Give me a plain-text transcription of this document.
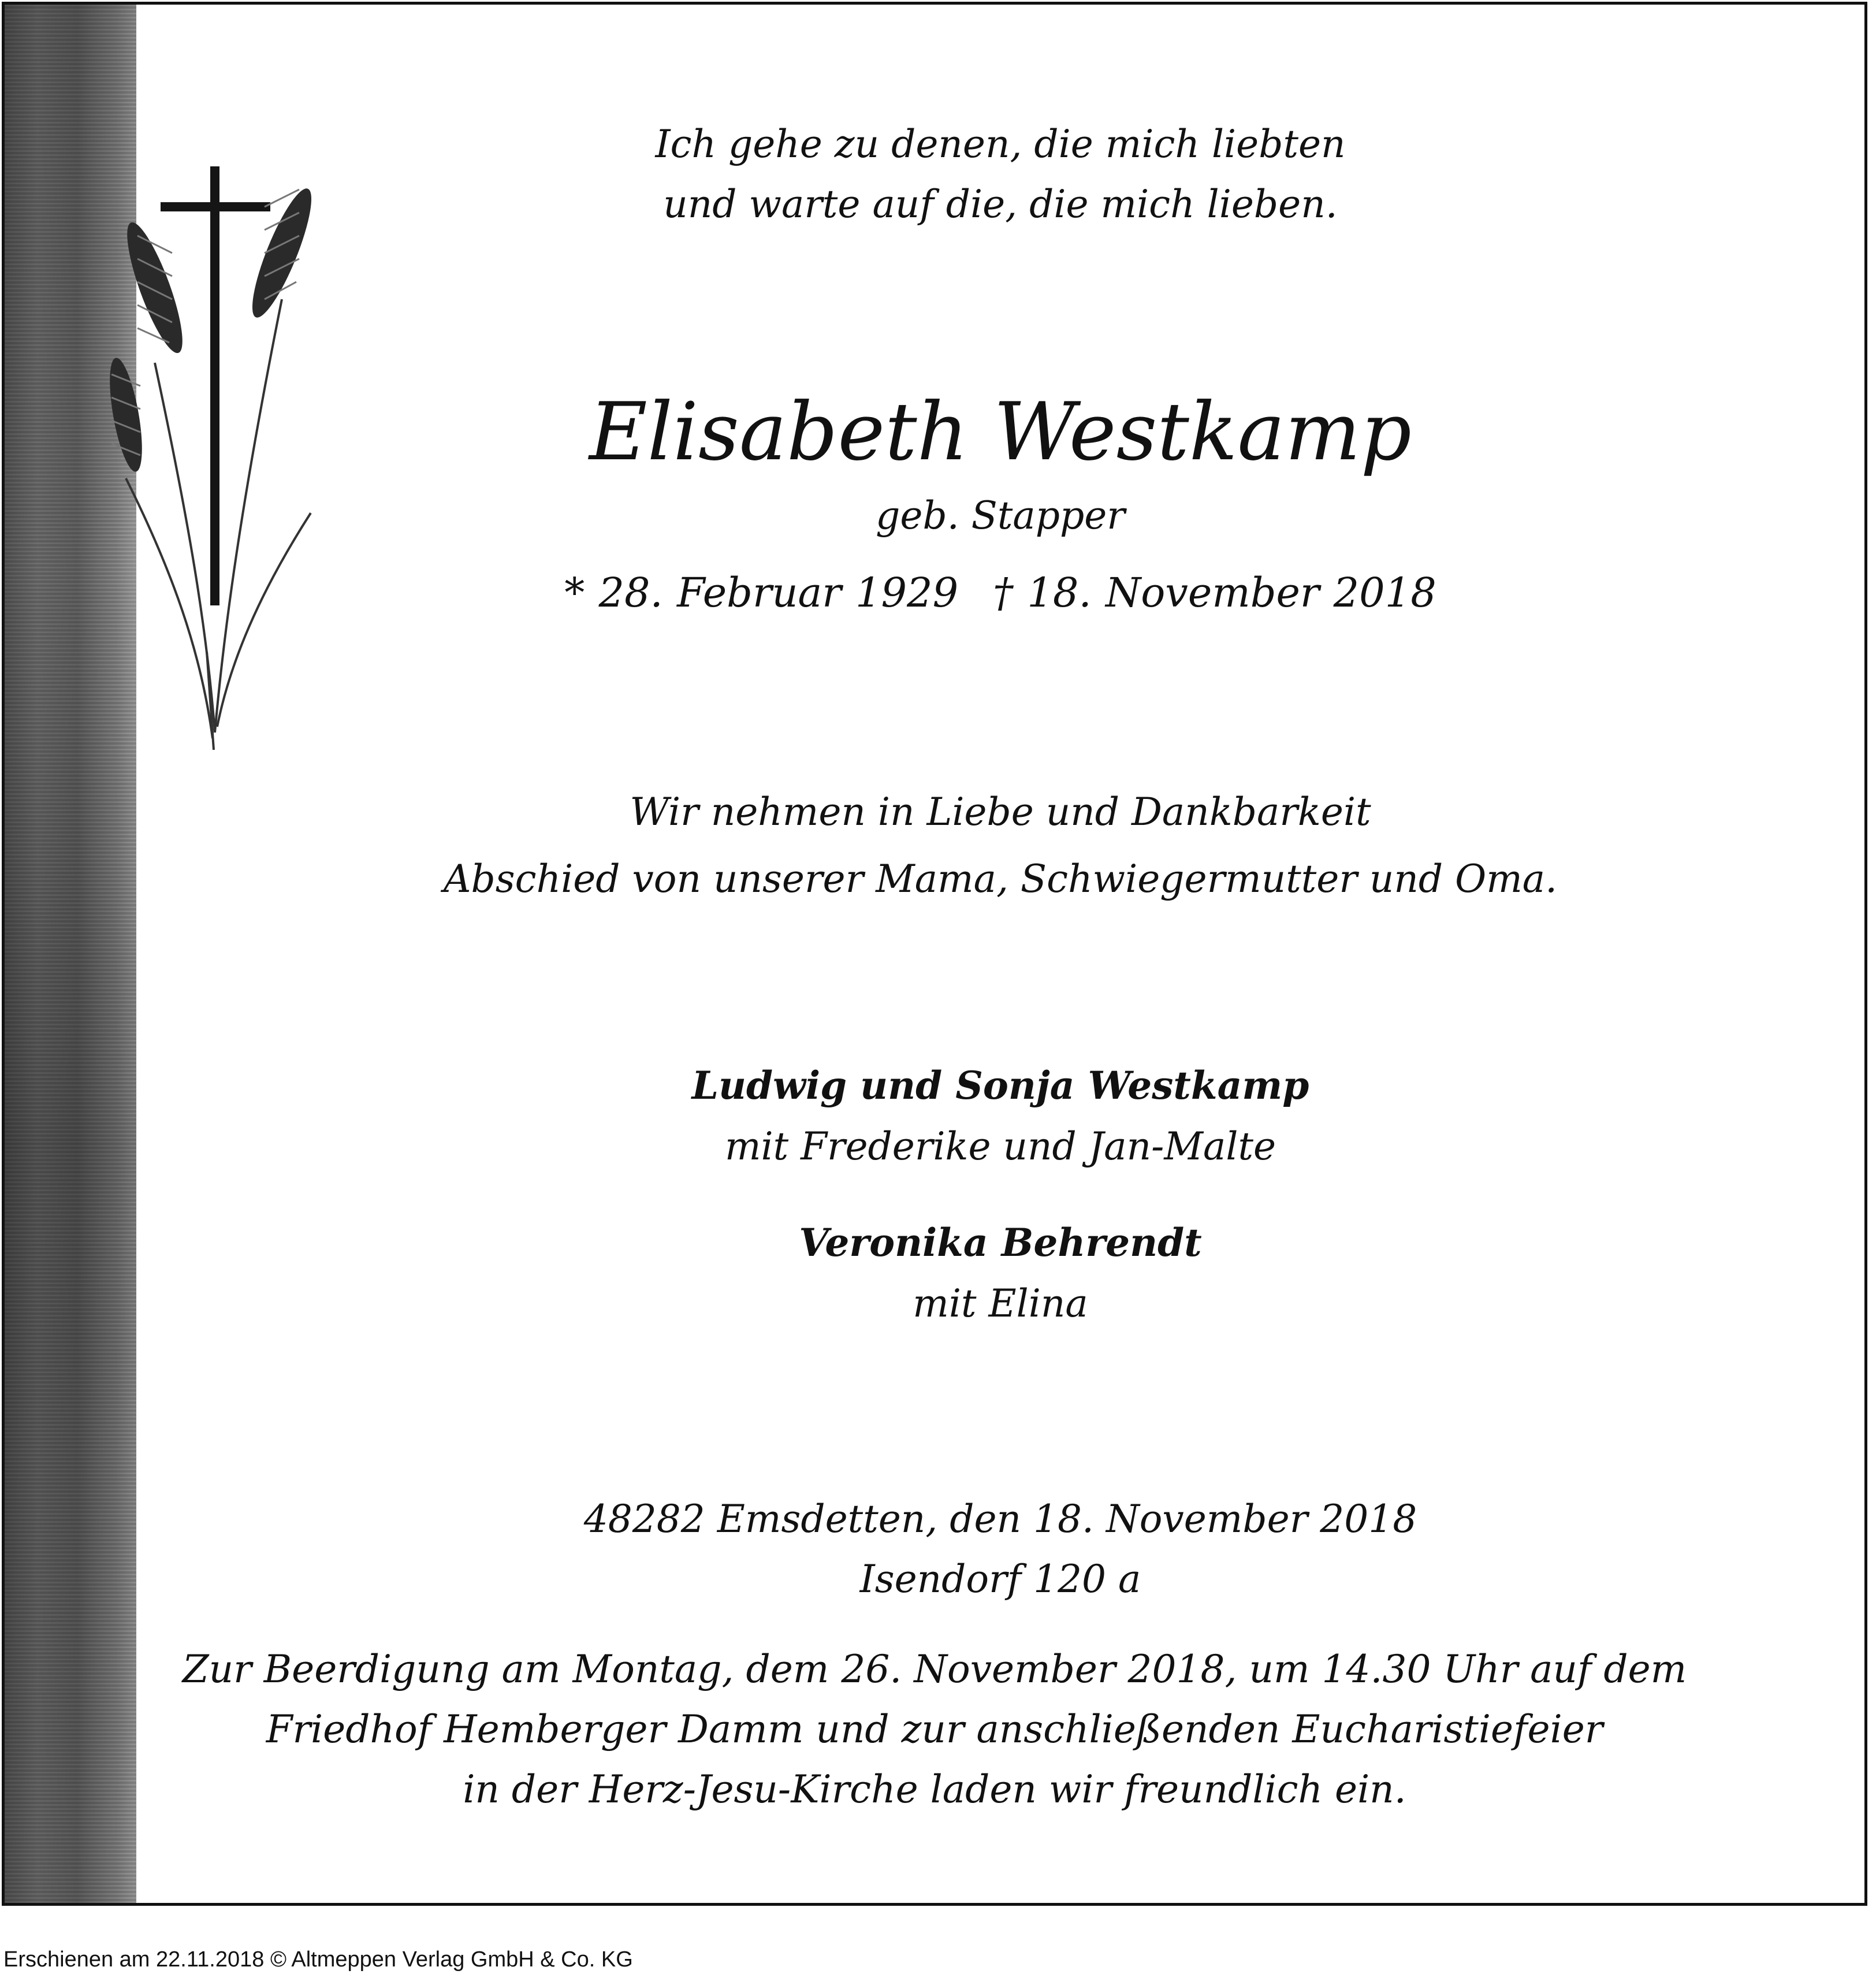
Ich gehe zu denen, die mich liebten
und warte auf die, die mich lieben.
Elisabeth Westkamp
geb. Stapper
* 28. Februar 1929 † 18. November 2018
Wir nehmen in Liebe und Dankbarkeit
Abschied von unserer Mama, Schwiegermutter und Oma.
Ludwig und Sonja Westkamp
mit Frederike und Jan-Malte
Veronika Behrendt
mit Elina
48282 Emsdetten, den 18. November 2018
Isendorf 120 a
Zur Beerdigung am Montag, dem 26. November 2018, um 14.30 Uhr auf dem
Friedhof Hemberger Damm und zur anschließenden Eucharistiefeier
in der Herz-Jesu-Kirche laden wir freundlich ein.
Erschienen am 22.11.2018 © Altmeppen Verlag GmbH & Co. KG
